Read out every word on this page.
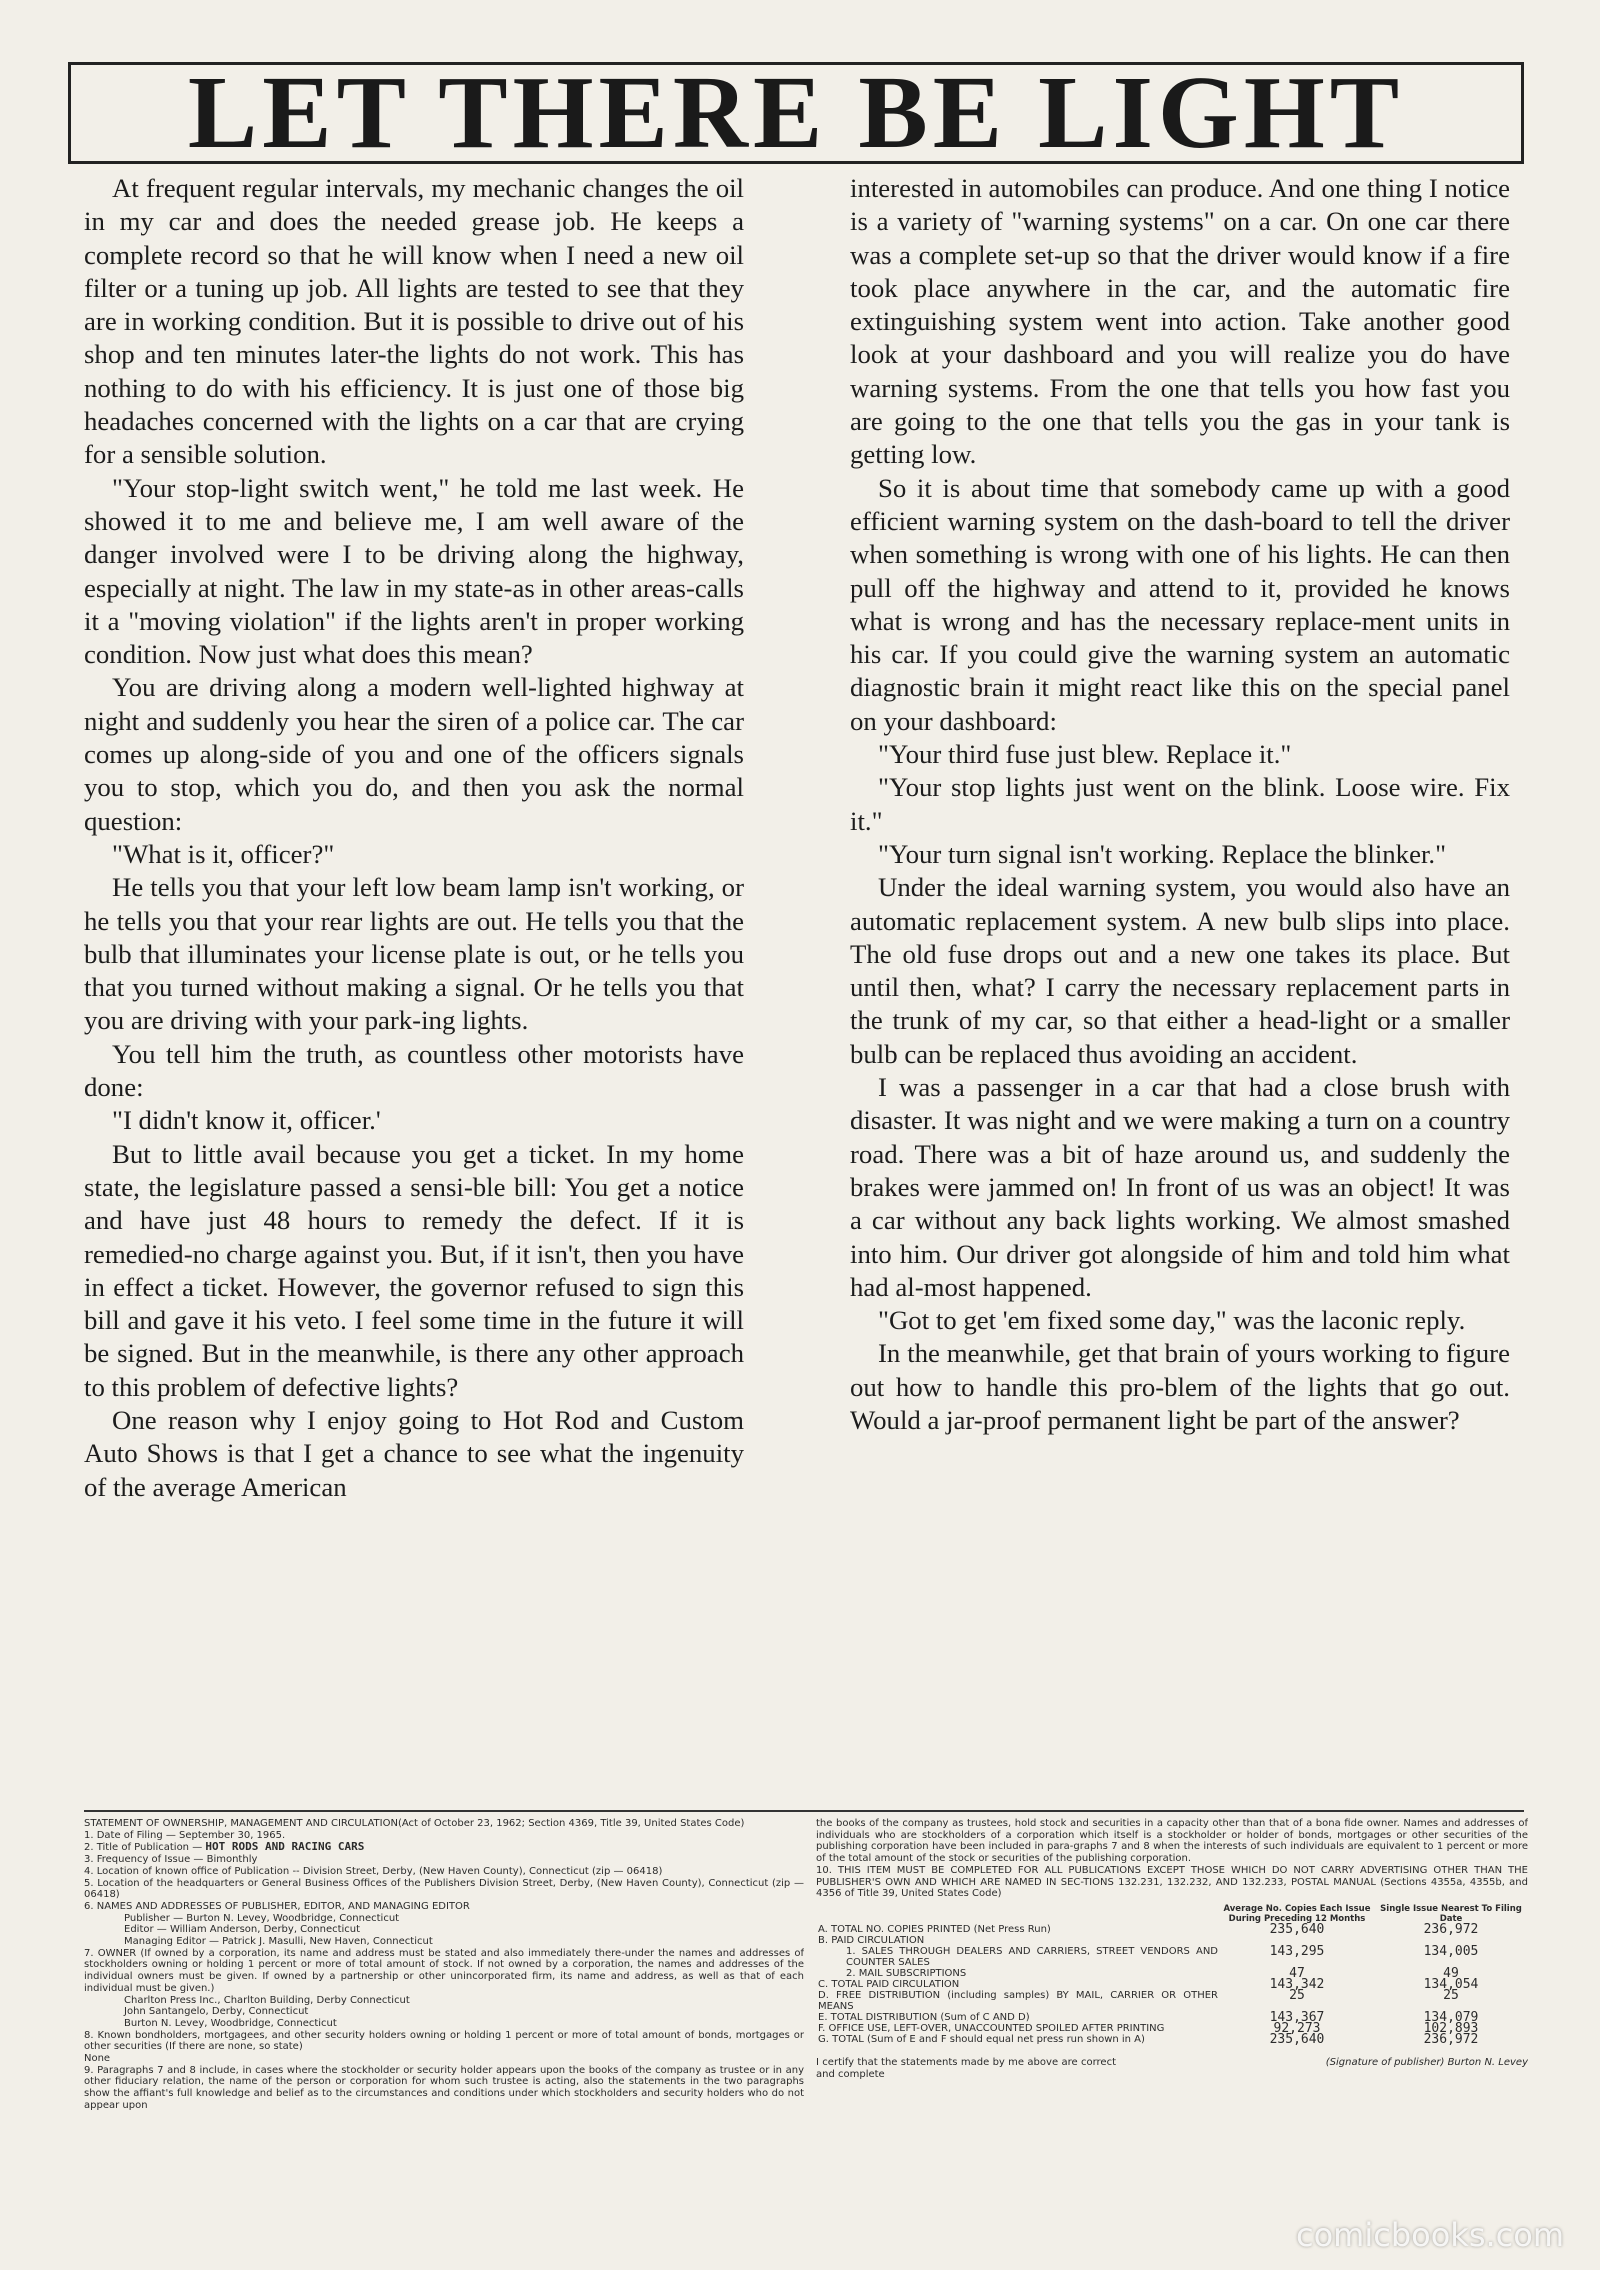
LET THERE BE LIGHT

At frequent regular intervals, my mechanic changes the oil in my car and does the needed grease job. He keeps a complete record so that he will know when I need a new oil filter or a tuning up job. All lights are tested to see that they are in working condition. But it is possible to drive out of his shop and ten minutes later-the lights do not work. This has nothing to do with his efficiency. It is just one of those big headaches concerned with the lights on a car that are crying for a sensible solution.

"Your stop-light switch went," he told me last week. He showed it to me and believe me, I am well aware of the danger involved were I to be driving along the highway, especially at night. The law in my state-as in other areas-calls it a "moving violation" if the lights aren't in proper working condition. Now just what does this mean?

You are driving along a modern well-lighted highway at night and suddenly you hear the siren of a police car. The car comes up along-side of you and one of the officers signals you to stop, which you do, and then you ask the normal question:

"What is it, officer?"

He tells you that your left low beam lamp isn't working, or he tells you that your rear lights are out. He tells you that the bulb that illuminates your license plate is out, or he tells you that you turned without making a signal. Or he tells you that you are driving with your park-ing lights.

You tell him the truth, as countless other motorists have done:

"I didn't know it, officer.'

But to little avail because you get a ticket. In my home state, the legislature passed a sensi-ble bill: You get a notice and have just 48 hours to remedy the defect. If it is remedied-no charge against you. But, if it isn't, then you have in effect a ticket. However, the governor refused to sign this bill and gave it his veto. I feel some time in the future it will be signed. But in the meanwhile, is there any other approach to this problem of defective lights?

One reason why I enjoy going to Hot Rod and Custom Auto Shows is that I get a chance to see what the ingenuity of the average American

interested in automobiles can produce. And one thing I notice is a variety of "warning systems" on a car. On one car there was a complete set-up so that the driver would know if a fire took place anywhere in the car, and the automatic fire extinguishing system went into action. Take another good look at your dashboard and you will realize you do have warning systems. From the one that tells you how fast you are going to the one that tells you the gas in your tank is getting low.

So it is about time that somebody came up with a good efficient warning system on the dash-board to tell the driver when something is wrong with one of his lights. He can then pull off the highway and attend to it, provided he knows what is wrong and has the necessary replace-ment units in his car. If you could give the warning system an automatic diagnostic brain it might react like this on the special panel on your dashboard:

"Your third fuse just blew. Replace it."

"Your stop lights just went on the blink. Loose wire. Fix it."

"Your turn signal isn't working. Replace the blinker."

Under the ideal warning system, you would also have an automatic replacement system. A new bulb slips into place. The old fuse drops out and a new one takes its place. But until then, what? I carry the necessary replacement parts in the trunk of my car, so that either a head-light or a smaller bulb can be replaced thus avoiding an accident.

I was a passenger in a car that had a close brush with disaster. It was night and we were making a turn on a country road. There was a bit of haze around us, and suddenly the brakes were jammed on! In front of us was an object! It was a car without any back lights working. We almost smashed into him. Our driver got alongside of him and told him what had al-most happened.

"Got to get 'em fixed some day," was the laconic reply.

In the meanwhile, get that brain of yours working to figure out how to handle this pro-blem of the lights that go out. Would a jar-proof permanent light be part of the answer?

STATEMENT OF OWNERSHIP, MANAGEMENT AND CIRCULATION(Act of October 23, 1962; Section 4369, Title 39, United States Code)

1. Date of Filing — September 30, 1965.

2. Title of Publication — HOT RODS AND RACING CARS

3. Frequency of Issue — Bimonthly

4. Location of known office of Publication -- Division Street, Derby, (New Haven County), Connecticut (zip — 06418)

5. Location of the headquarters or General Business Offices of the Publishers Division Street, Derby, (New Haven County), Connecticut (zip — 06418)

6. NAMES AND ADDRESSES OF PUBLISHER, EDITOR, AND MANAGING EDITOR

Publisher — Burton N. Levey, Woodbridge, Connecticut

Editor — William Anderson, Derby, Connecticut

Managing Editor — Patrick J. Masulli, New Haven, Connecticut

7. OWNER (If owned by a corporation, its name and address must be stated and also immediately there-under the names and addresses of stockholders owning or holding 1 percent or more of total amount of stock. If not owned by a corporation, the names and addresses of the individual owners must be given. If owned by a partnership or other unincorporated firm, its name and address, as well as that of each individual must be given.)

Charlton Press Inc., Charlton Building, Derby Connecticut

John Santangelo, Derby, Connecticut

Burton N. Levey, Woodbridge, Connecticut

8. Known bondholders, mortgagees, and other security holders owning or holding 1 percent or more of total amount of bonds, mortgages or other securities (If there are none, so state)

None

9. Paragraphs 7 and 8 include, in cases where the stockholder or security holder appears upon the books of the company as trustee or in any other fiduciary relation, the name of the person or corporation for whom such trustee is acting, also the statements in the two paragraphs show the affiant's full knowledge and belief as to the circumstances and conditions under which stockholders and security holders who do not appear upon

the books of the company as trustees, hold stock and securities in a capacity other than that of a bona fide owner. Names and addresses of individuals who are stockholders of a corporation which itself is a stockholder or holder of bonds, mortgages or other securities of the publishing corporation have been included in para-graphs 7 and 8 when the interests of such individuals are equivalent to 1 percent or more of the total amount of the stock or securities of the publishing corporation.

10. THIS ITEM MUST BE COMPLETED FOR ALL PUBLICATIONS EXCEPT THOSE WHICH DO NOT CARRY ADVERTISING OTHER THAN THE PUBLISHER'S OWN AND WHICH ARE NAMED IN SEC-TIONS 132.231, 132.232, AND 132.233, POSTAL MANUAL (Sections 4355a, 4355b, and 4356 of Title 39, United States Code)

	Average No. Copies Each Issue During Preceding 12 Months	Single Issue Nearest To Filing Date
A. TOTAL NO. COPIES PRINTED (Net Press Run)	235,640	236,972
B. PAID CIRCULATION		
1. SALES THROUGH DEALERS AND CARRIERS, STREET VENDORS AND COUNTER SALES	143,295	134,005
2. MAIL SUBSCRIPTIONS	47	49
C. TOTAL PAID CIRCULATION	143,342	134,054
D. FREE DISTRIBUTION (including samples) BY MAIL, CARRIER OR OTHER MEANS	25	25
E. TOTAL DISTRIBUTION (Sum of C AND D)	143,367	134,079
F. OFFICE USE, LEFT-OVER, UNACCOUNTED SPOILED AFTER PRINTING	92,273	102,893
G. TOTAL (Sum of E and F should equal net press run shown in A)	235,640	236,972
I certify that the statements made by me above are correct and complete
(Signature of publisher) Burton N. Levey
comicbooks.com
